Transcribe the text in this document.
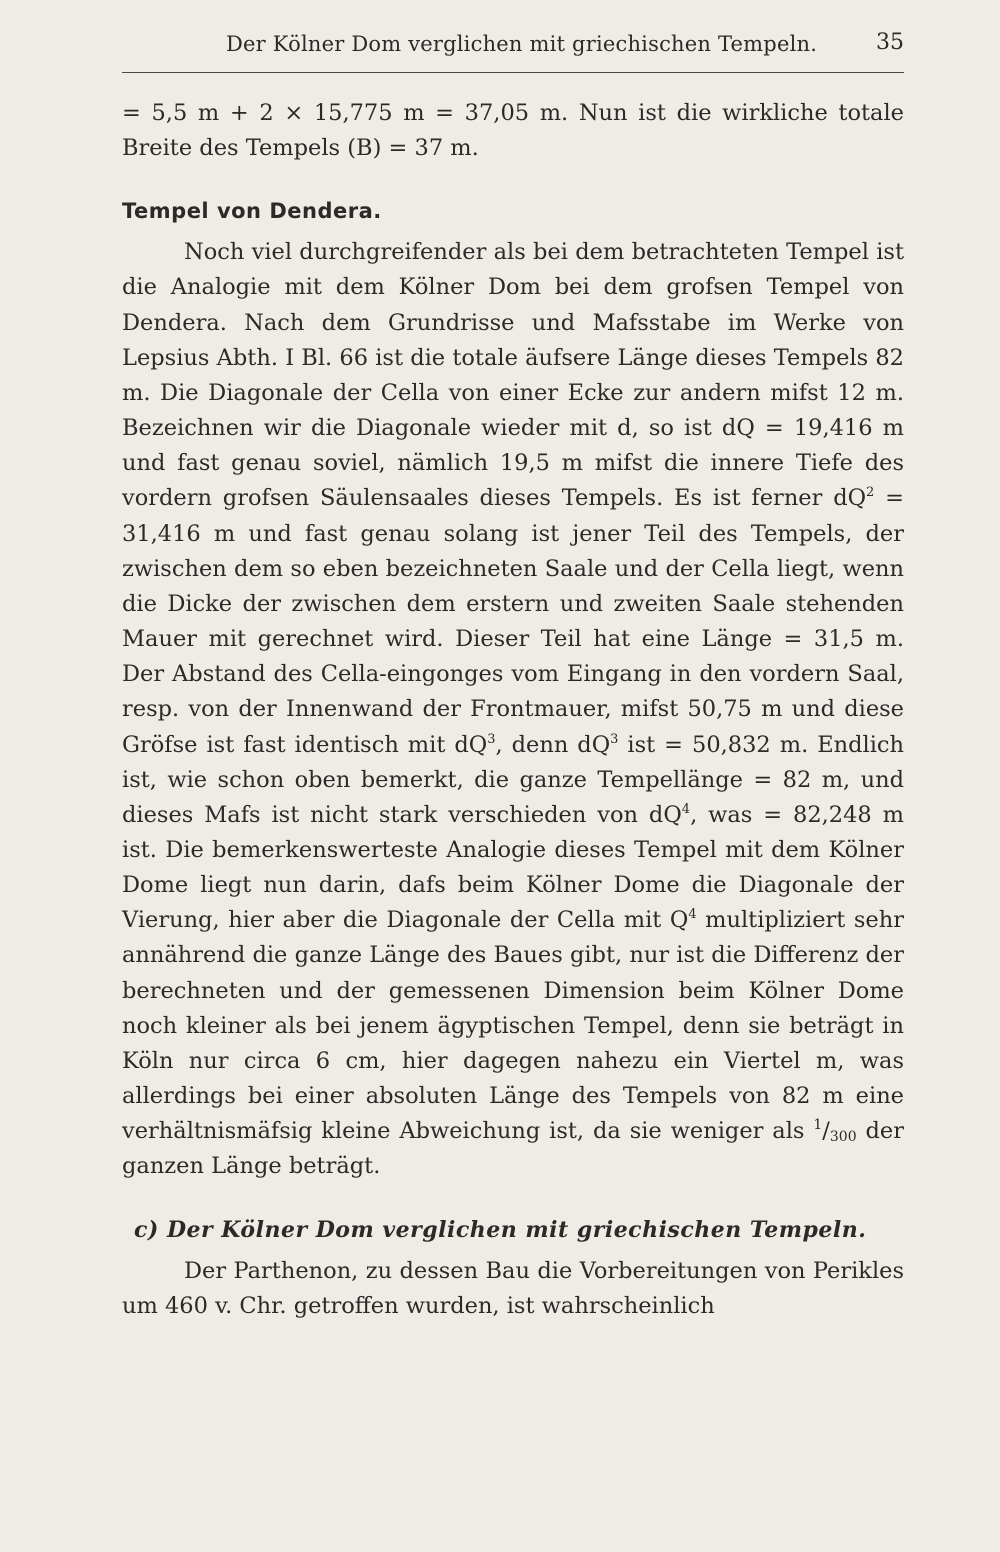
Der Kölner Dom verglichen mit griechischen Tempeln.	35

= 5,5 m + 2 × 15,775 m = 37,05 m. Nun ist die wirkliche totale Breite des Tempels (B) = 37 m.

Tempel von Dendera.

Noch viel durchgreifender als bei dem betrachteten Tempel ist die Analogie mit dem Kölner Dom bei dem grofsen Tempel von Dendera. Nach dem Grundrisse und Mafsstabe im Werke von Lepsius Abth. I Bl. 66 ist die totale äufsere Länge dieses Tempels 82 m. Die Diagonale der Cella von einer Ecke zur andern mifst 12 m. Bezeichnen wir die Diagonale wieder mit d, so ist dQ = 19,416 m und fast genau soviel, nämlich 19,5 m mifst die innere Tiefe des vordern grofsen Säulensaales dieses Tempels. Es ist ferner $dQ^2 = 31,416$ m und fast genau solang ist jener Teil des Tempels, der zwischen dem so eben bezeichneten Saale und der Cella liegt, wenn die Dicke der zwischen dem erstern und zweiten Saale stehenden Mauer mit gerechnet wird. Dieser Teil hat eine Länge = 31,5 m. Der Abstand des Cella-eingonges vom Eingang in den vordern Saal, resp. von der Innenwand der Frontmauer, mifst 50,75 m und diese Gröfse ist fast identisch mit $dQ^3$, denn $dQ^3$ ist = 50,832 m. Endlich ist, wie schon oben bemerkt, die ganze Tempellänge = 82 m, und dieses Mafs ist nicht stark verschieden von $dQ^4$, was = 82,248 m ist. Die bemerkenswerteste Analogie dieses Tempel mit dem Kölner Dome liegt nun darin, dafs beim Kölner Dome die Diagonale der Vierung, hier aber die Diagonale der Cella mit $Q^4$ multipliziert sehr annährend die ganze Länge des Baues gibt, nur ist die Differenz der berechneten und der gemessenen Dimension beim Kölner Dome noch kleiner als bei jenem ägyptischen Tempel, denn sie beträgt in Köln nur circa 6 cm, hier dagegen nahezu ein Viertel m, was allerdings bei einer absoluten Länge des Tempels von 82 m eine verhältnismäfsig kleine Abweichung ist, da sie weniger als $^1$/300 der ganzen Länge beträgt.

c) Der Kölner Dom verglichen mit griechischen Tempeln.

Der Parthenon, zu dessen Bau die Vorbereitungen von Perikles um 460 v. Chr. getroffen wurden, ist wahrscheinlich
